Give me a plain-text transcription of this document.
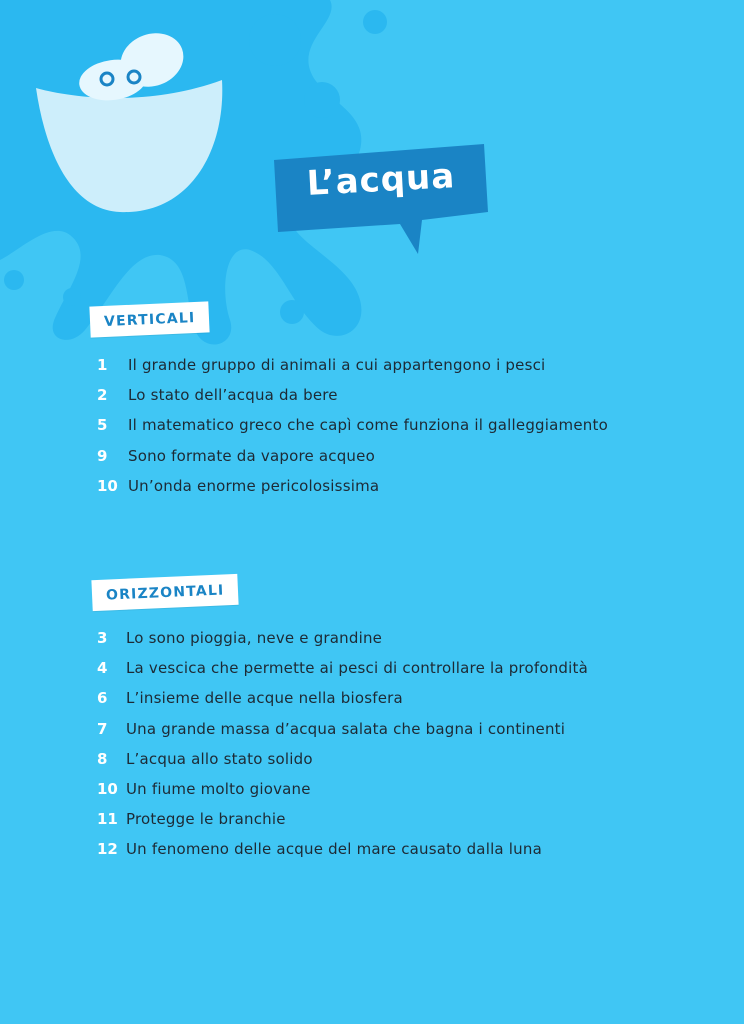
L’acqua
VERTICALI
1	Il grande gruppo di animali a cui appartengono i pesci
2	Lo stato dell’acqua da bere
5	Il matematico greco che capì come funziona il galleggiamento
9	Sono formate da vapore acqueo
10 Un’onda enorme pericolosissima
ORIZZONTALI
3	Lo sono pioggia, neve e grandine
4	La vescica che permette ai pesci di controllare la profondità
6	L’insieme delle acque nella biosfera
7	Una grande massa d’acqua salata che bagna i continenti
8	L’acqua allo stato solido
10 Un fiume molto giovane
11 Protegge le branchie
12 Un fenomeno delle acque del mare causato dalla luna
